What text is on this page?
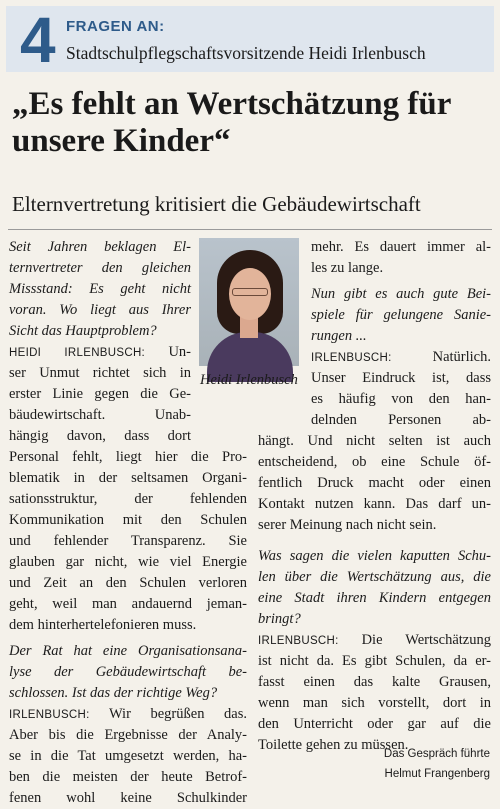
4 FRAGEN AN:
Stadtschulpflegschaftsvorsitzende Heidi Irlenbusch
„Es fehlt an Wertschätzung für unsere Kinder“
Elternvertretung kritisiert die Gebäudewirtschaft
Seit Jahren beklagen El-
ternvertreter den gleichen
Missstand: Es geht nicht
voran. Wo liegt aus Ihrer
Sicht das Hauptproblem?
HEIDI IRLENBUSCH: Un-
ser Unmut richtet sich in
erster Linie gegen die Ge-
bäudewirtschaft. Unab-
hängig davon, dass dort
Personal fehlt, liegt hier die Pro-
blematik in der seltsamen Organi-
sationsstruktur, der fehlenden
Kommunikation mit den Schulen
und fehlender Transparenz. Sie
glauben gar nicht, wie viel Energie
und Zeit an den Schulen verloren
geht, weil man andauernd jeman-
dem hinterhertelefonieren muss.
Der Rat hat eine Organisationsana-
lyse der Gebäudewirtschaft be-
schlossen. Ist das der richtige Weg?
IRLENBUSCH: Wir begrüßen das.
Aber bis die Ergebnisse der Analy-
se in die Tat umgesetzt werden, ha-
ben die meisten der heute Betrof-
fenen wohl keine Schulkinder
Heidi Irlenbusch
mehr. Es dauert immer al-
les zu lange.
Nun gibt es auch gute Bei-
spiele für gelungene Sanie-
rungen ...
IRLENBUSCH:	Natürlich.
Unser Eindruck ist, dass
es häufig von den han-
delnden Personen ab-
hängt. Und nicht selten ist auch
entscheidend, ob eine Schule öf-
fentlich Druck macht oder einen
Kontakt nutzen kann. Das darf un-
serer Meinung nach nicht sein.
Was sagen die vielen kaputten Schu-
len über die Wertschätzung aus, die
eine Stadt ihren Kindern entgegen
bringt?
IRLENBUSCH: Die Wertschätzung
ist nicht da. Es gibt Schulen, da er-
fasst einen das kalte Grausen,
wenn man sich vorstellt, dort in
den Unterricht oder gar auf die
Toilette gehen zu müssen.
Das Gespräch führte
Helmut Frangenberg
